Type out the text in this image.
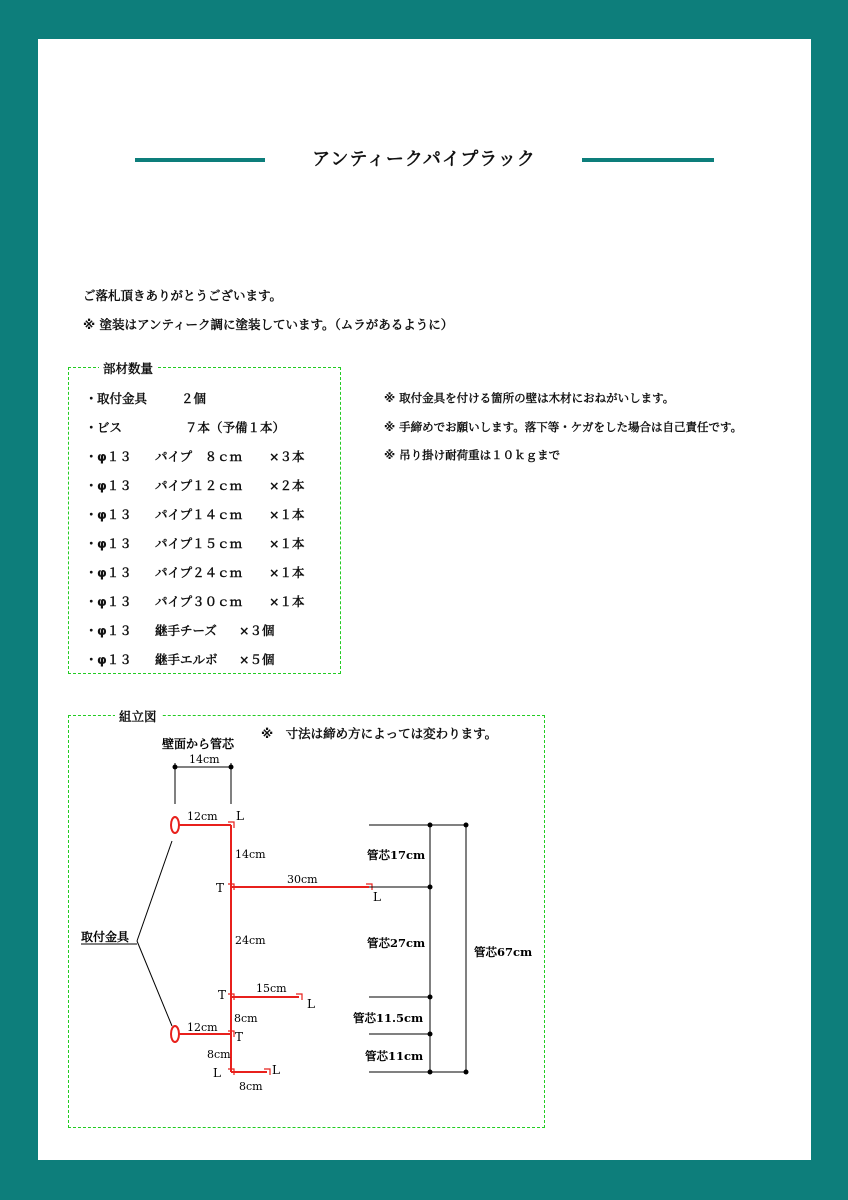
アンティークパイプラック
ご落札頂きありがとうございます。
※ 塗装はアンティーク調に塗装しています。（ムラがあるように）
部材数量
・ 取付金具	２個
・ ビス	７本（予備１本）
・ φ１３ パイプ　８ｃｍ ×３本
・ φ１３ パイプ１２ｃｍ ×２本
・ φ１３ パイプ１４ｃｍ ×１本
・ φ１３ パイプ１５ｃｍ ×１本
・ φ１３ パイプ２４ｃｍ ×１本
・ φ１３ パイプ３０ｃｍ ×１本
・ φ１３ 継手チーズ ×３個
・ φ１３ 継手エルボ ×５個
※ 取付金具を付ける箇所の壁は木材におねがいします。
※ 手締めでお願いします。落下等・ケガをした場合は自己責任です。
※ 吊り掛け耐荷重は１０ｋｇまで
組立図
※　寸法は締め方によっては変わります。
壁面から管芯
14cm
取付金具
12cm L
14cm
T
30cm
L
24cm
T	15cm
L
8cm
12cm
T
8cm
L	L
8cm
管芯17cm
管芯27cm
管芯11.5cm
管芯11cm
管芯67cm
